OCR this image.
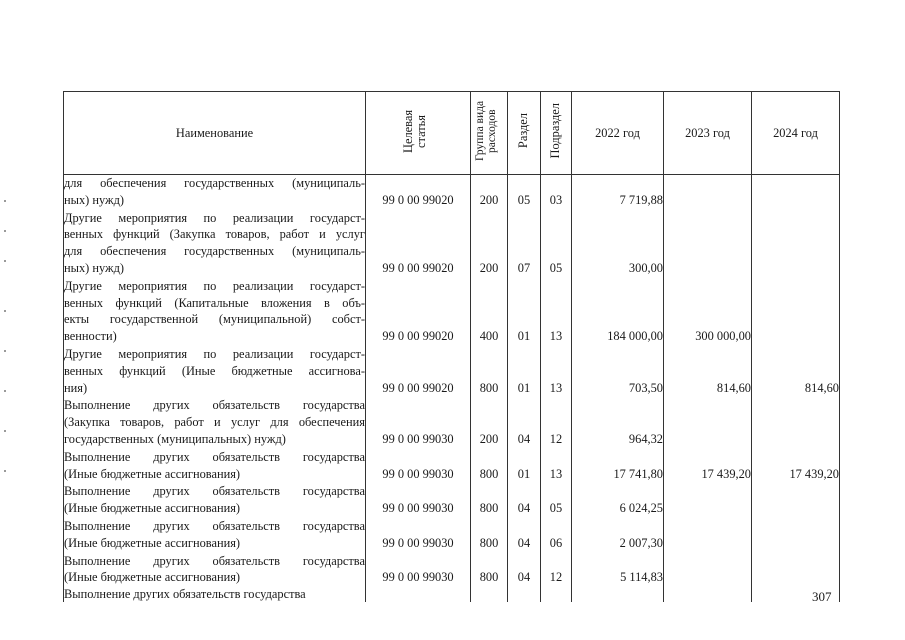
Наименование	Целевая статья	Группа вида расходов	Раздел	Подраздел	2022 год	2023 год	2024 год

для обеспечения государственных (муниципаль-
ных) нужд)	99 0 00 99020	200	05	03	7 719,88		

Другие мероприятия по реализации государст-
венных функций (Закупка товаров, работ и услуг
для обеспечения государственных (муниципаль-
ных) нужд)	99 0 00 99020	200	07	05	300,00		

Другие мероприятия по реализации государст-
венных функций (Капитальные вложения в объ-
екты государственной (муниципальной) собст-
венности)	99 0 00 99020	400	01	13	184 000,00	300 000,00	

Другие мероприятия по реализации государст-
венных функций (Иные бюджетные ассигнова-
ния)	99 0 00 99020	800	01	13	703,50	814,60	814,60

Выполнение других обязательств государства
(Закупка товаров, работ и услуг для обеспечения
государственных (муниципальных) нужд)	99 0 00 99030	200	04	12	964,32		

Выполнение других обязательств государства
(Иные бюджетные ассигнования)	99 0 00 99030	800	01	13	17 741,80	17 439,20	17 439,20

Выполнение других обязательств государства
(Иные бюджетные ассигнования)	99 0 00 99030	800	04	05	6 024,25		

Выполнение других обязательств государства
(Иные бюджетные ассигнования)	99 0 00 99030	800	04	06	2 007,30		

Выполнение других обязательств государства
(Иные бюджетные ассигнования)	99 0 00 99030	800	04	12	5 114,83		

Выполнение других обязательств государства							
								307
